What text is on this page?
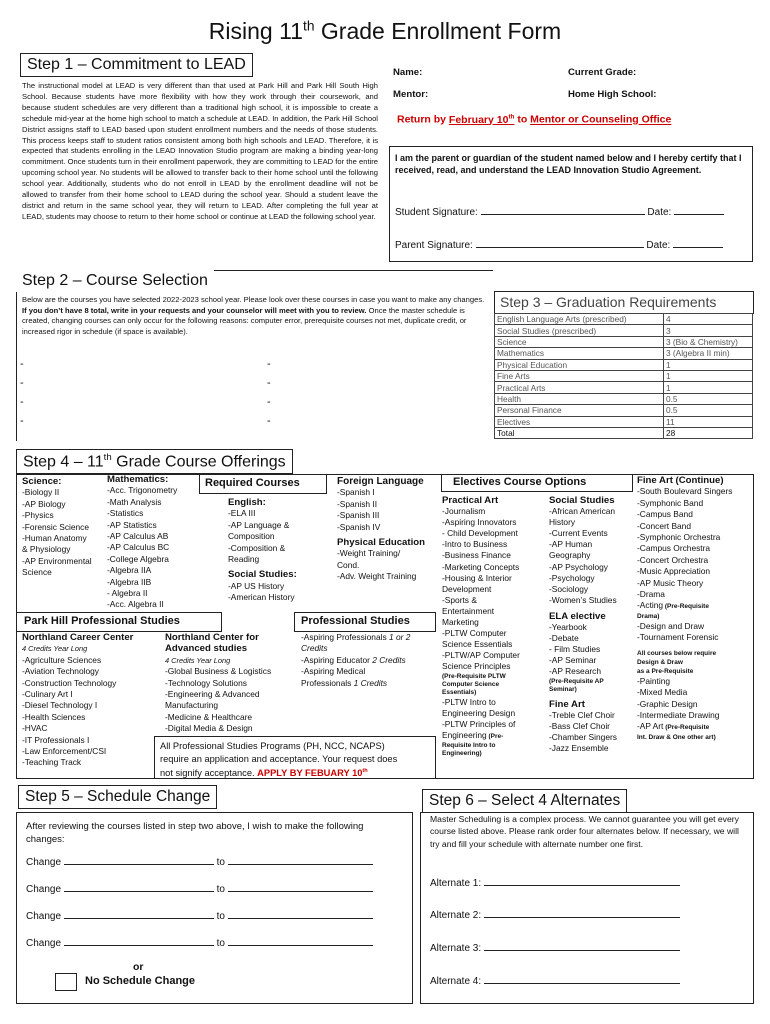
Rising 11th Grade Enrollment Form
Step 1 – Commitment to LEAD
The instructional model at LEAD is very different than that used at Park Hill and Park Hill South High School. Because students have more flexibility with how they work through their coursework, and because student schedules are very different than a traditional high school, it is impossible to create a schedule mid-year at the home high school to match a schedule at LEAD. In addition, the Park Hill School District assigns staff to LEAD based upon student enrollment numbers and the needs of those students. This process keeps staff to student ratios consistent among both high schools and LEAD. Therefore, it is expected that students enrolling in the LEAD Innovation Studio program are making a binding year-long commitment. Once students turn in their enrollment paperwork, they are committing to LEAD for the entire upcoming school year. No students will be allowed to transfer back to their home school until the following school year. Additionally, students who do not enroll in LEAD by the enrollment deadline will not be allowed to transfer from their home school to LEAD during the school year. Should a student leave the district and return in the same school year, they will return to LEAD. After completing the full year at LEAD, students may choose to return to their home school or continue at LEAD the following school year.
Name:	Current Grade:
Mentor:	Home High School:
Return by February 10th to Mentor or Counseling Office
I am the parent or guardian of the student named below and I hereby certify that I received, read, and understand the LEAD Innovation Studio Agreement.
Student Signature:	Date:
Parent Signature:	Date:
Step 2 – Course Selection
Below are the courses you have selected 2022-2023 school year. Please look over these courses in case you want to make any changes. If you don’t have 8 total, write in your requests and your counselor will meet with you to review. Once the master schedule is created, changing courses can only occur for the following reasons: computer error, prerequisite courses not met, duplicate credit, or increased rigor in schedule (if space is available).
-
-
-
-
-
-
-
-
Step 3 – Graduation Requirements
English Language Arts (prescribed)	4
Social Studies (prescribed)	3
Science	3 (Bio & Chemistry)
Mathematics	3 (Algebra II min)
Physical Education	1
Fine Arts	1
Practical Arts	1
Health	0.5
Personal Finance	0.5
Electives	11
Total	28
Step 4 – 11th Grade Course Offerings
Science:
-Biology II
-AP Biology
-Physics
-Forensic Science
-Human Anatomy
& Physiology
-AP Environmental
Science
Mathematics:
-Acc. Trigonometry
-Math Analysis
-Statistics
-AP Statistics
-AP Calculus AB
-AP Calculus BC
-College Algebra
-Algebra IIA
-Algebra IIB
- Algebra II
-Acc. Algebra II
Required Courses
English:
-ELA III
-AP Language &
Composition
-Composition &
Reading
Social Studies:
-AP US History
-American History
Foreign Language
-Spanish I
-Spanish II
-Spanish III
-Spanish IV
Physical Education
-Weight Training/
Cond.
-Adv. Weight Training
Electives Course Options
Practical Art
-Journalism
-Aspiring Innovators
- Child Development
-Intro to Business
-Business Finance
-Marketing Concepts
-Housing & Interior
Development
-Sports &
Entertainment
Marketing
-PLTW Computer
Science Essentials
-PLTW/AP Computer
Science Principles
(Pre-Requisite PLTW
Computer Science
Essentials)
-PLTW Intro to
Engineering Design
-PLTW Principles of
Engineering (Pre-
Requisite Intro to
Engineering)
Social Studies
-African American
History
-Current Events
-AP Human
Geography
-AP Psychology
-Psychology
-Sociology
-Women’s Studies
ELA elective
-Yearbook
-Debate
- Film Studies
-AP Seminar
-AP Research
(Pre-Requisite AP
Seminar)
Fine Art
-Treble Clef Choir
-Bass Clef Choir
-Chamber Singers
-Jazz Ensemble
Fine Art (Continue)
-South Boulevard Singers
-Symphonic Band
-Campus Band
-Concert Band
-Symphonic Orchestra
-Campus Orchestra
-Concert Orchestra
-Music Appreciation
-AP Music Theory
-Drama
-Acting (Pre-Requisite
Drama)
-Design and Draw
-Tournament Forensic
All courses below require
Design & Draw
as a Pre-Requisite
-Painting
-Mixed Media
-Graphic Design
-Intermediate Drawing
-AP Art (Pre-Requisite
Int. Draw & One other art)
Park Hill Professional Studies	Professional Studies
Northland Career Center
4 Credits Year Long
-Agriculture Sciences
-Aviation Technology
-Construction Technology
-Culinary Art I
-Diesel Technology I
-Health Sciences
-HVAC
-IT Professionals I
-Law Enforcement/CSI
-Teaching Track
Northland Center for
Advanced studies
4 Credits Year Long
-Global Business & Logistics
-Technology Solutions
-Engineering & Advanced
Manufacturing
-Medicine & Healthcare
-Digital Media & Design
-Aspiring Professionals 1 or 2
Credits
-Aspiring Educator 2 Credits
-Aspiring Medical
Professionals 1 Credits
All Professional Studies Programs (PH, NCC, NCAPS)
require an application and acceptance. Your request does
not signify acceptance. APPLY BY FEBUARY 10th
Step 5 – Schedule Change
After reviewing the courses listed in step two above, I wish to make the following changes:
Change	to
Change	to
Change	to
Change	to
or
No Schedule Change
Step 6 – Select 4 Alternates
Master Scheduling is a complex process. We cannot guarantee you will get every course listed above. Please rank order four alternates below. If necessary, we will try and fill your schedule with alternate number one first.
Alternate 1:
Alternate 2:
Alternate 3:
Alternate 4:
